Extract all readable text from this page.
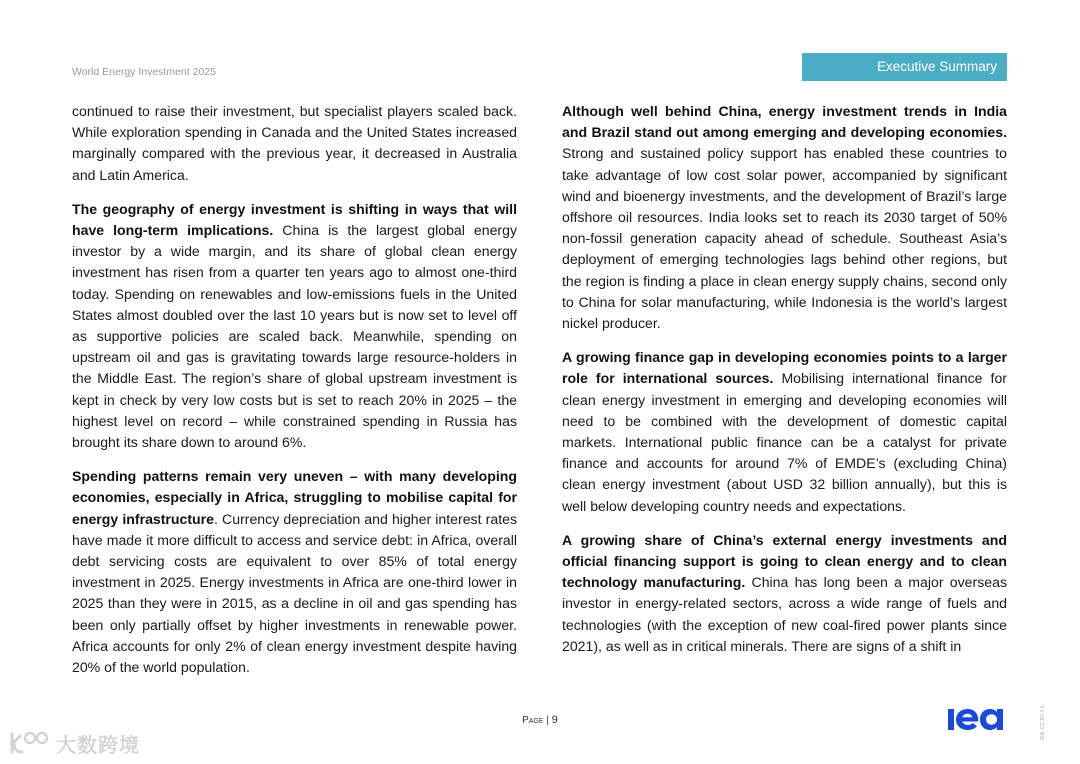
World Energy Investment 2025	Executive Summary

continued to raise their investment, but specialist players scaled back. While exploration spending in Canada and the United States increased marginally compared with the previous year, it decreased in Australia and Latin America.

The geography of energy investment is shifting in ways that will have long-term implications. China is the largest global energy investor by a wide margin, and its share of global clean energy investment has risen from a quarter ten years ago to almost one-third today. Spending on renewables and low-emissions fuels in the United States almost doubled over the last 10 years but is now set to level off as supportive policies are scaled back. Meanwhile, spending on upstream oil and gas is gravitating towards large resource-holders in the Middle East. The region’s share of global upstream investment is kept in check by very low costs but is set to reach 20% in 2025 – the highest level on record – while constrained spending in Russia has brought its share down to around 6%.

Spending patterns remain very uneven – with many developing economies, especially in Africa, struggling to mobilise capital for energy infrastructure. Currency depreciation and higher interest rates have made it more difficult to access and service debt: in Africa, overall debt servicing costs are equivalent to over 85% of total energy investment in 2025. Energy investments in Africa are one-third lower in 2025 than they were in 2015, as a decline in oil and gas spending has been only partially offset by higher investments in renewable power. Africa accounts for only 2% of clean energy investment despite having 20% of the world population.

Although well behind China, energy investment trends in India and Brazil stand out among emerging and developing economies. Strong and sustained policy support has enabled these countries to take advantage of low cost solar power, accompanied by significant wind and bioenergy investments, and the development of Brazil’s large offshore oil resources. India looks set to reach its 2030 target of 50% non-fossil generation capacity ahead of schedule. Southeast Asia’s deployment of emerging technologies lags behind other regions, but the region is finding a place in clean energy supply chains, second only to China for solar manufacturing, while Indonesia is the world’s largest nickel producer.

A growing finance gap in developing economies points to a larger role for international sources. Mobilising international finance for clean energy investment in emerging and developing economies will need to be combined with the development of domestic capital markets. International public finance can be a catalyst for private finance and accounts for around 7% of EMDE’s (excluding China) clean energy investment (about USD 32 billion annually), but this is well below developing country needs and expectations.

A growing share of China’s external energy investments and official financing support is going to clean energy and to clean technology manufacturing. China has long been a major overseas investor in energy-related sectors, across a wide range of fuels and technologies (with the exception of new coal-fired power plants since 2021), as well as in critical minerals. There are signs of a shift in

Page | 9	IEA. CC BY 4.0.
大数跨境
